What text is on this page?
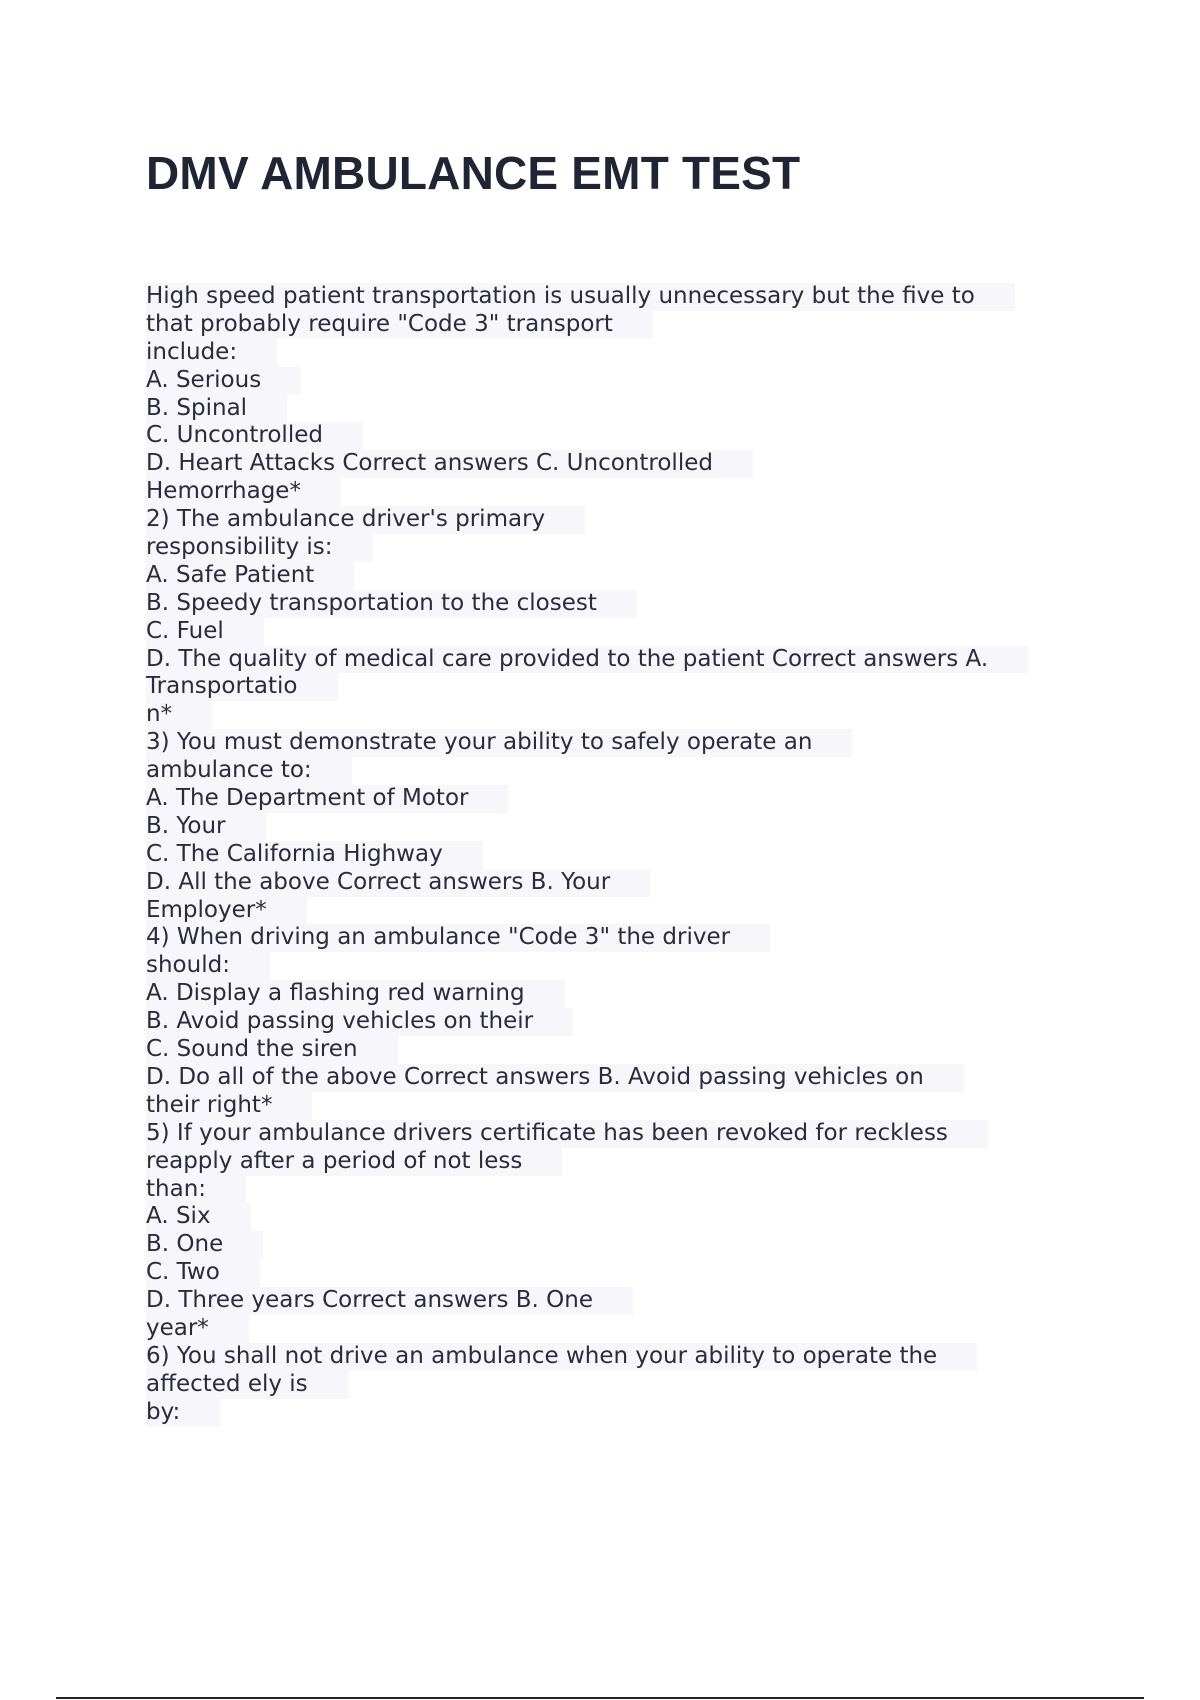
DMV AMBULANCE EMT TEST
High speed patient transportation is usually unnecessary but the five to
that probably require "Code 3" transport
include:
A. Serious
B. Spinal
C. Uncontrolled
D. Heart Attacks Correct answers C. Uncontrolled
Hemorrhage*
2) The ambulance driver's primary
responsibility is:
A. Safe Patient
B. Speedy transportation to the closest
C. Fuel
D. The quality of medical care provided to the patient Correct answers A.
Transportatio
n*
3) You must demonstrate your ability to safely operate an
ambulance to:
A. The Department of Motor
B. Your
C. The California Highway
D. All the above Correct answers B. Your
Employer*
4) When driving an ambulance "Code 3" the driver
should:
A. Display a flashing red warning
B. Avoid passing vehicles on their
C. Sound the siren
D. Do all of the above Correct answers B. Avoid passing vehicles on
their right*
5) If your ambulance drivers certificate has been revoked for reckless
reapply after a period of not less
than:
A. Six
B. One
C. Two
D. Three years Correct answers B. One
year*
6) You shall not drive an ambulance when your ability to operate the
affected ely is
by:
